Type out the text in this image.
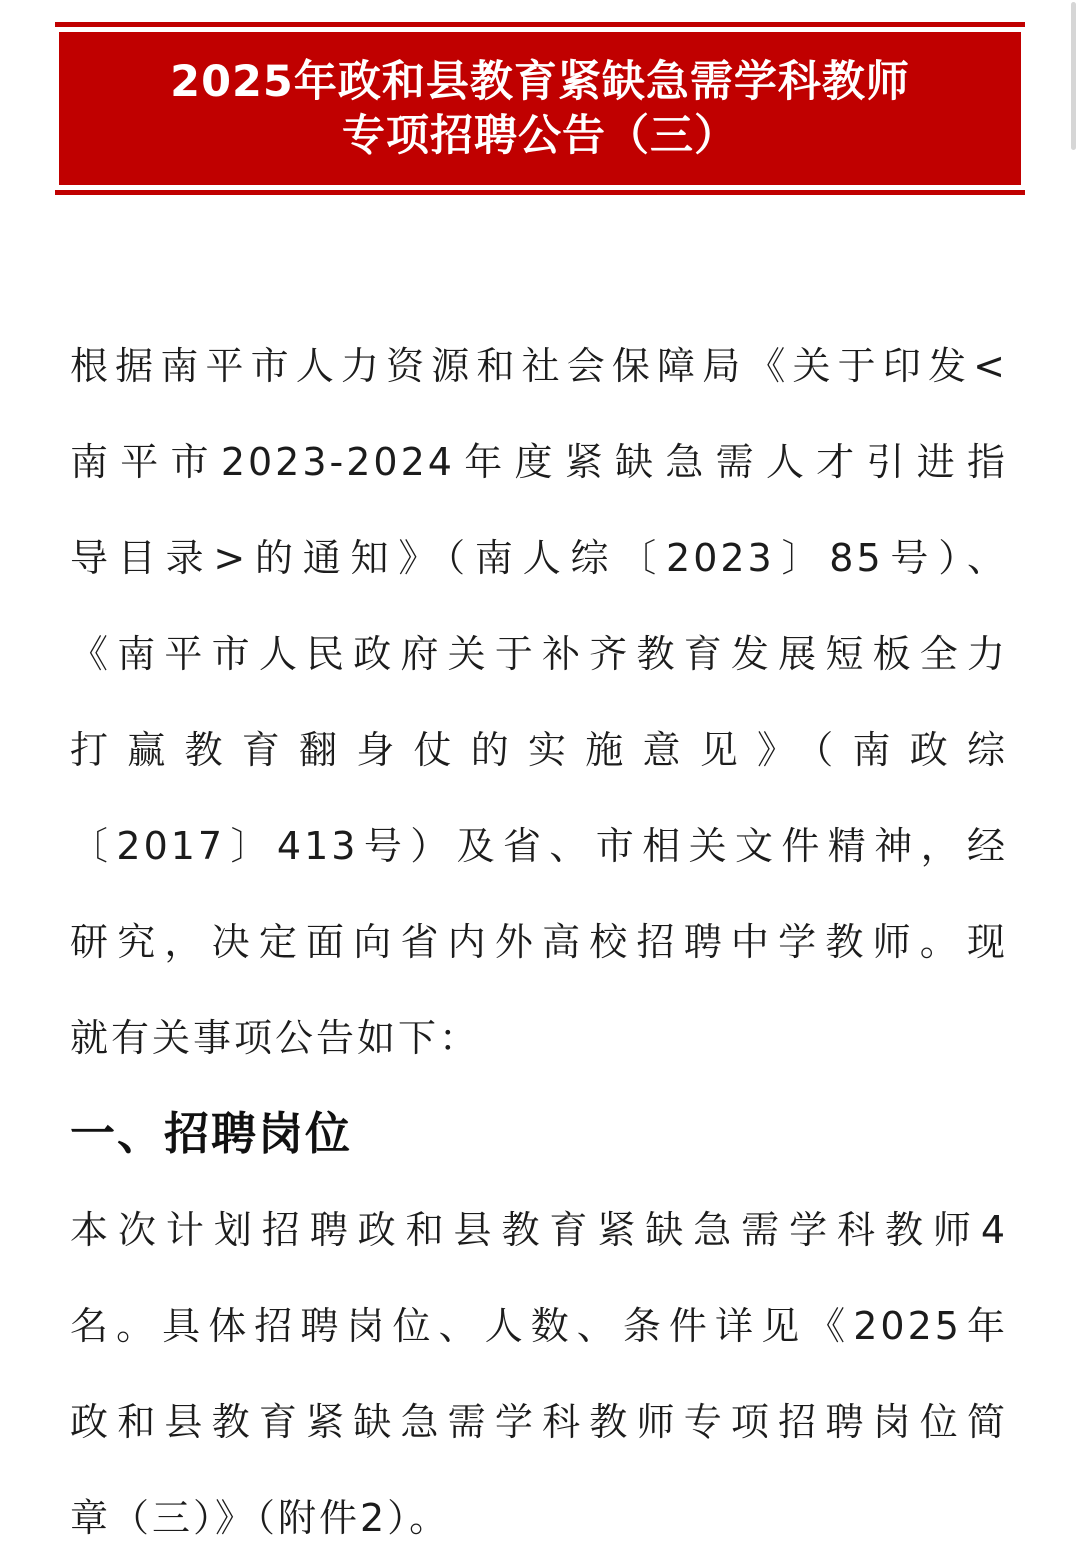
2025年政和县教育紧缺急需学科教师
专项招聘公告（三）
根据南平市人力资源和社会保障局《关于印发<
南平市2023-2024年度紧缺急需人才引进指
导目录>的通知》（南人综〔2023〕85号）、
《南平市人民政府关于补齐教育发展短板全力
打赢教育翻身仗的实施意见》（南政综
〔2017〕413号）及省、市相关文件精神，经
研究，决定面向省内外高校招聘中学教师。现
就有关事项公告如下：
一、招聘岗位
本次计划招聘政和县教育紧缺急需学科教师4
名。具体招聘岗位、人数、条件详见《2025年
政和县教育紧缺急需学科教师专项招聘岗位简
章（三）》（附件2）。
